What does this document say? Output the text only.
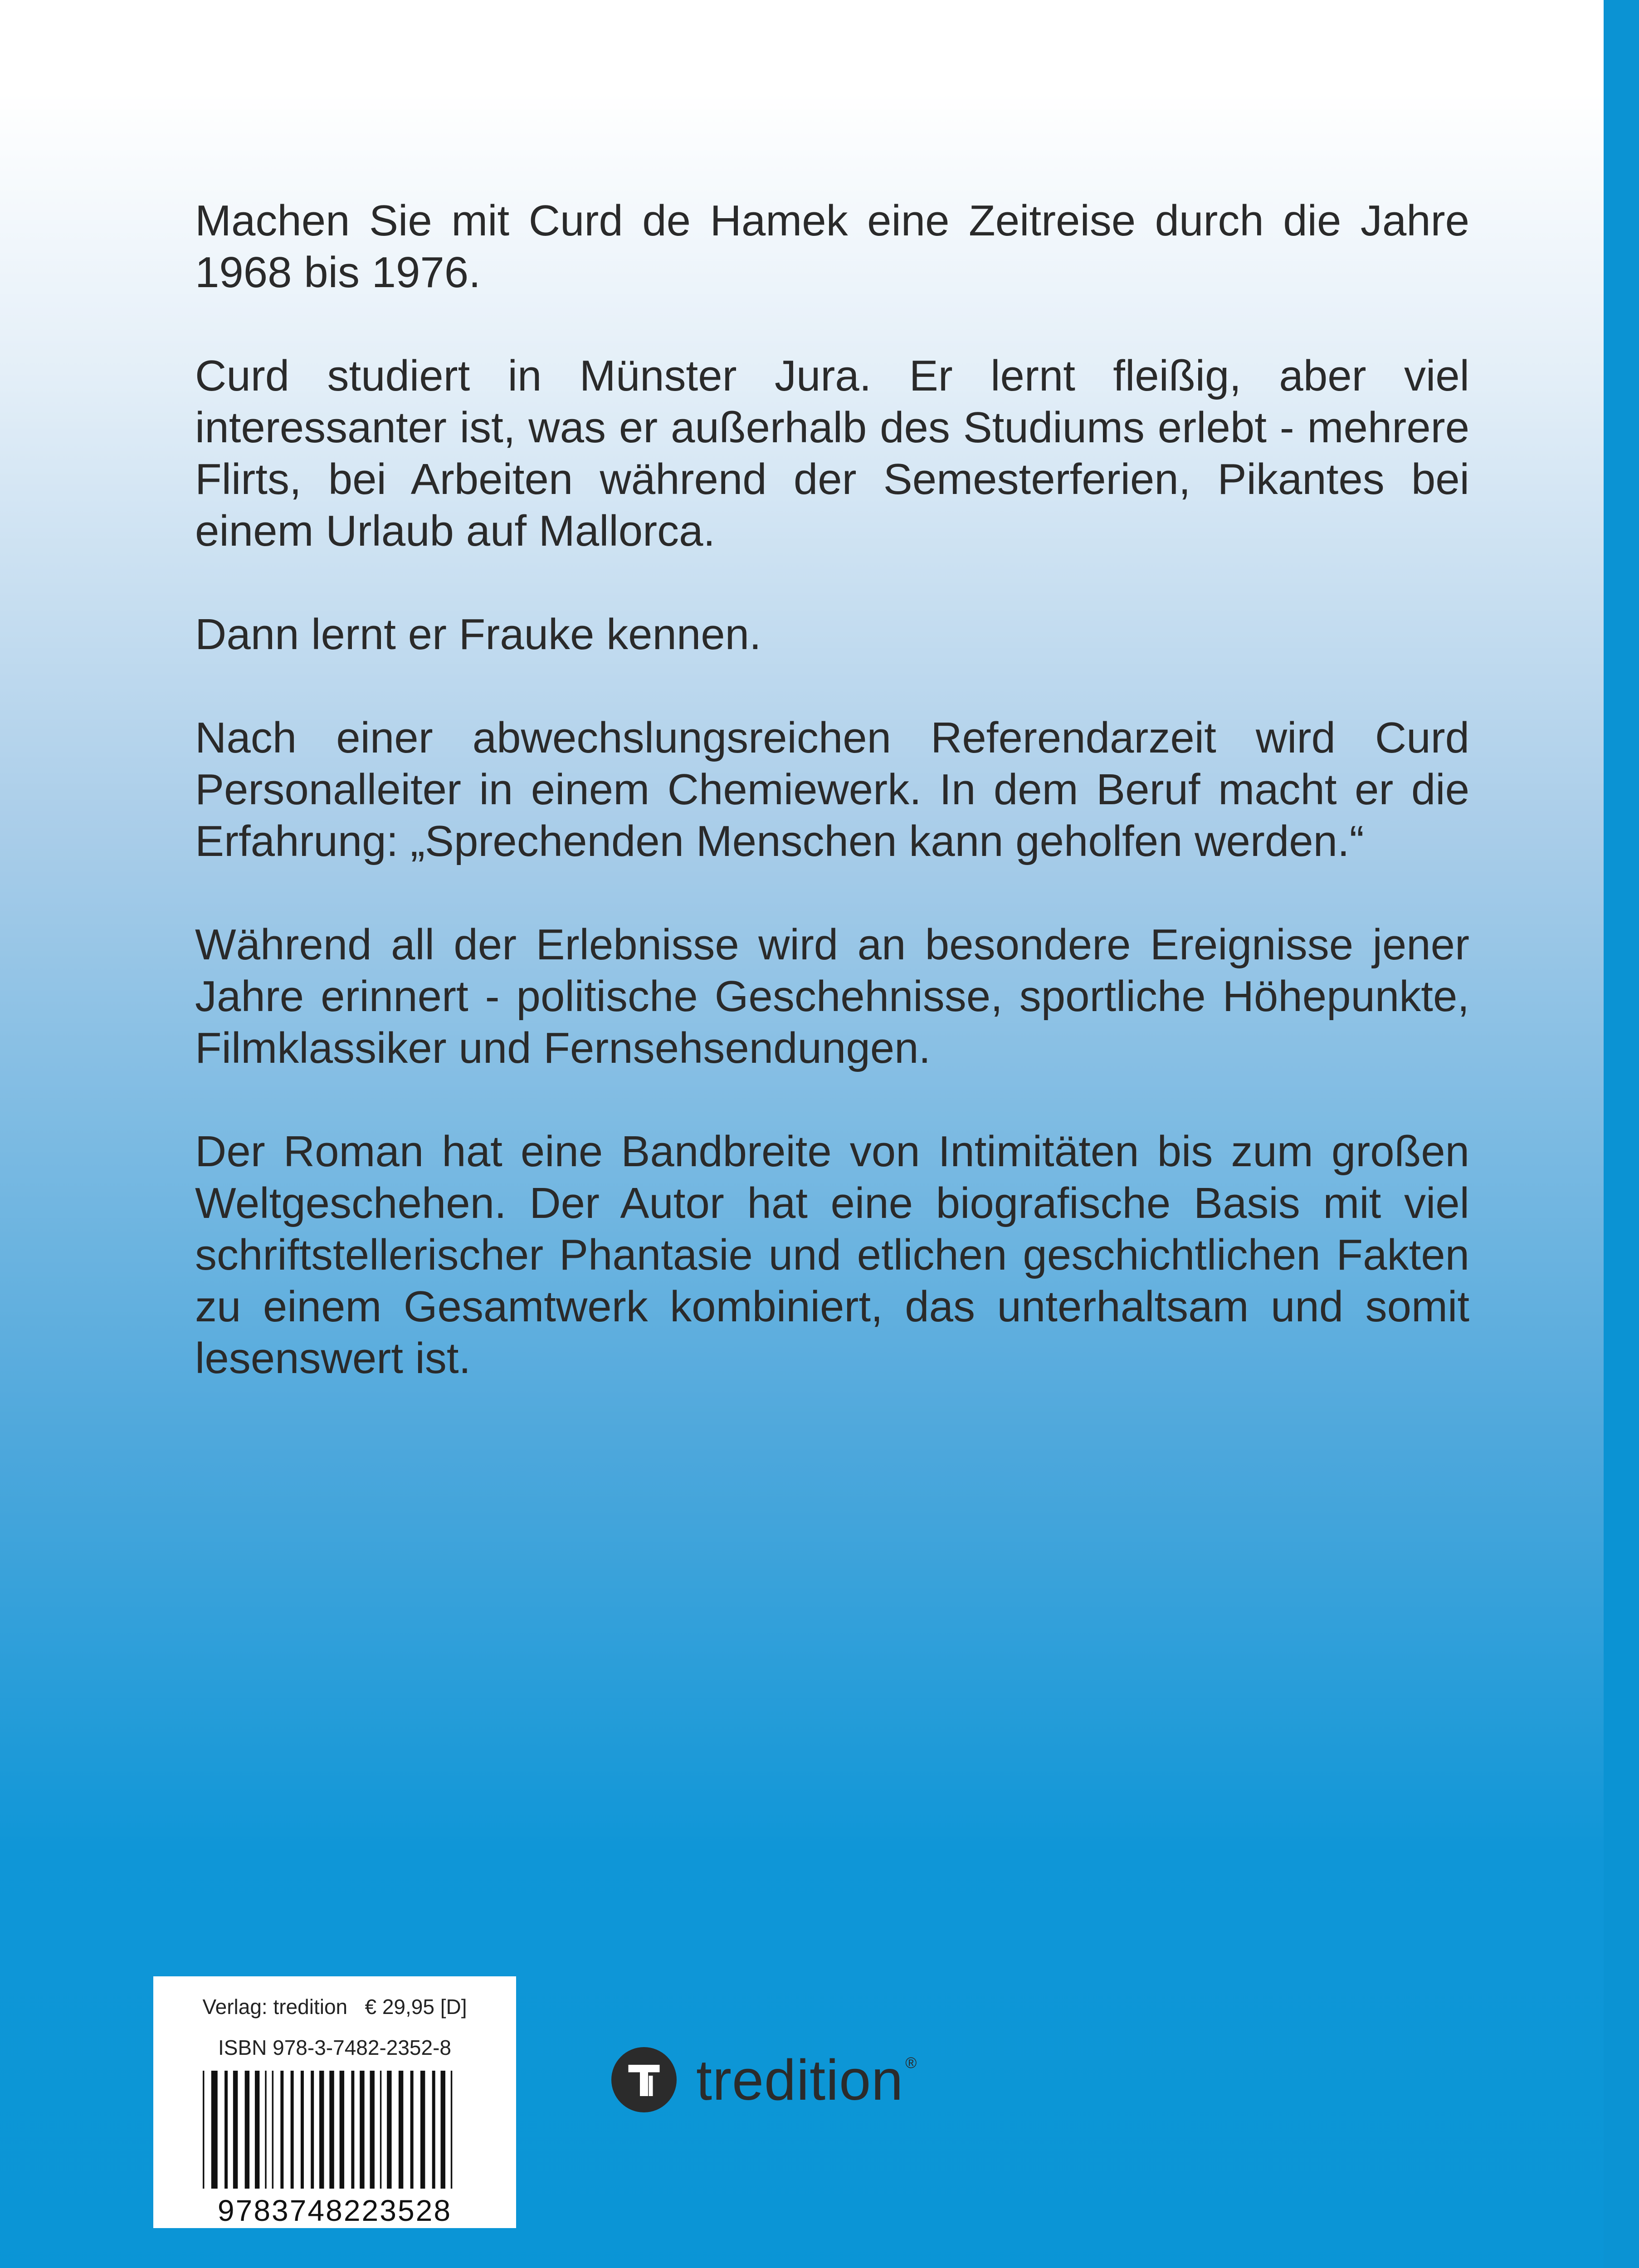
Machen Sie mit Curd de Hamek eine Zeitreise durch die Jahre 1968 bis 1976.

Curd studiert in Münster Jura. Er lernt fleißig, aber viel interessanter ist, was er außerhalb des Studiums erlebt - mehrere Flirts, bei Arbeiten während der Semesterferien, Pikantes bei einem Urlaub auf Mallorca.

Dann lernt er Frauke kennen.

Nach einer abwechslungsreichen Referendarzeit wird Curd Personalleiter in einem Chemiewerk. In dem Beruf macht er die Erfahrung: „Sprechenden Menschen kann geholfen werden.“

Während all der Erlebnisse wird an besondere Ereignisse jener Jahre erinnert - politische Geschehnisse, sportliche Höhepunkte, Filmklassiker und Fernsehsendungen.

Der Roman hat eine Bandbreite von Intimitäten bis zum großen Weltgeschehen. Der Autor hat eine biografische Basis mit viel schriftstellerischer Phantasie und etlichen geschichtlichen Fakten zu einem Gesamtwerk kombiniert, das unterhaltsam und somit lesenswert ist.

Verlag: tredition € 29,95 [D]
ISBN 978-3-7482-2352-8
9783748223528
tredition ®
